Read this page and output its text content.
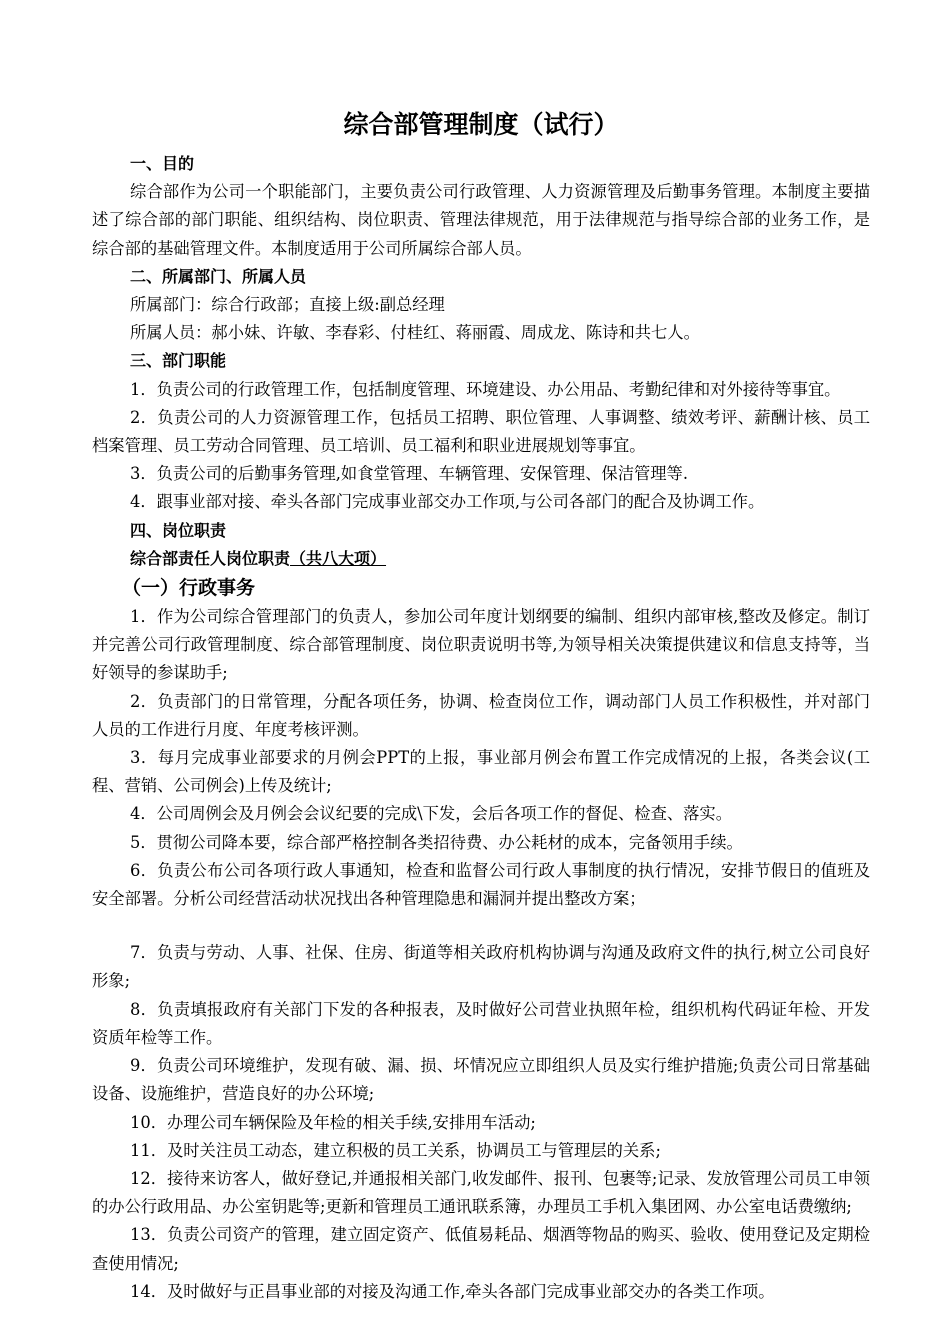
综合部管理制度（试行）

一、目的

综合部作为公司一个职能部门，主要负责公司行政管理、人力资源管理及后勤事务管理。本制度主要描述了综合部的部门职能、组织结构、岗位职责、管理法律规范，用于法律规范与指导综合部的业务工作，是综合部的基础管理文件。本制度适用于公司所属综合部人员。

二、所属部门、所属人员

所属部门：综合行政部；直接上级:副总经理

所属人员：郝小妹、许敏、李春彩、付桂红、蒋丽霞、周成龙、陈诗和共七人。

三、部门职能

1．负责公司的行政管理工作，包括制度管理、环境建设、办公用品、考勤纪律和对外接待等事宜。

2．负责公司的人力资源管理工作，包括员工招聘、职位管理、人事调整、绩效考评、薪酬计核、员工档案管理、员工劳动合同管理、员工培训、员工福利和职业进展规划等事宜。

3．负责公司的后勤事务管理,如食堂管理、车辆管理、安保管理、保洁管理等.

4．跟事业部对接、牵头各部门完成事业部交办工作项,与公司各部门的配合及协调工作。

四、岗位职责

综合部责任人岗位职责（共八大项）

（一）行政事务

1．作为公司综合管理部门的负责人，参加公司年度计划纲要的编制、组织内部审核,整改及修定。制订并完善公司行政管理制度、综合部管理制度、岗位职责说明书等,为领导相关决策提供建议和信息支持等，当好领导的参谋助手;

2．负责部门的日常管理，分配各项任务，协调、检查岗位工作，调动部门人员工作积极性，并对部门人员的工作进行月度、年度考核评测。

3．每月完成事业部要求的月例会PPT的上报，事业部月例会布置工作完成情况的上报，各类会议(工程、营销、公司例会)上传及统计;

4．公司周例会及月例会会议纪要的完成\下发，会后各项工作的督促、检查、落实。

5．贯彻公司降本要，综合部严格控制各类招待费、办公耗材的成本，完备领用手续。

6．负责公布公司各项行政人事通知，检查和监督公司行政人事制度的执行情况，安排节假日的值班及安全部署。分析公司经营活动状况找出各种管理隐患和漏洞并提出整改方案；

7．负责与劳动、人事、社保、住房、街道等相关政府机构协调与沟通及政府文件的执行,树立公司良好形象;

8．负责填报政府有关部门下发的各种报表，及时做好公司营业执照年检，组织机构代码证年检、开发资质年检等工作。

9．负责公司环境维护，发现有破、漏、损、坏情况应立即组织人员及实行维护措施;负责公司日常基础设备、设施维护，营造良好的办公环境;

10．办理公司车辆保险及年检的相关手续,安排用车活动;

11．及时关注员工动态，建立积极的员工关系，协调员工与管理层的关系;

12．接待来访客人，做好登记,并通报相关部门,收发邮件、报刊、包裹等;记录、发放管理公司员工申领的办公行政用品、办公室钥匙等;更新和管理员工通讯联系簿，办理员工手机入集团网、办公室电话费缴纳;

13．负责公司资产的管理，建立固定资产、低值易耗品、烟酒等物品的购买、验收、使用登记及定期检查使用情况;

14．及时做好与正昌事业部的对接及沟通工作,牵头各部门完成事业部交办的各类工作项。
